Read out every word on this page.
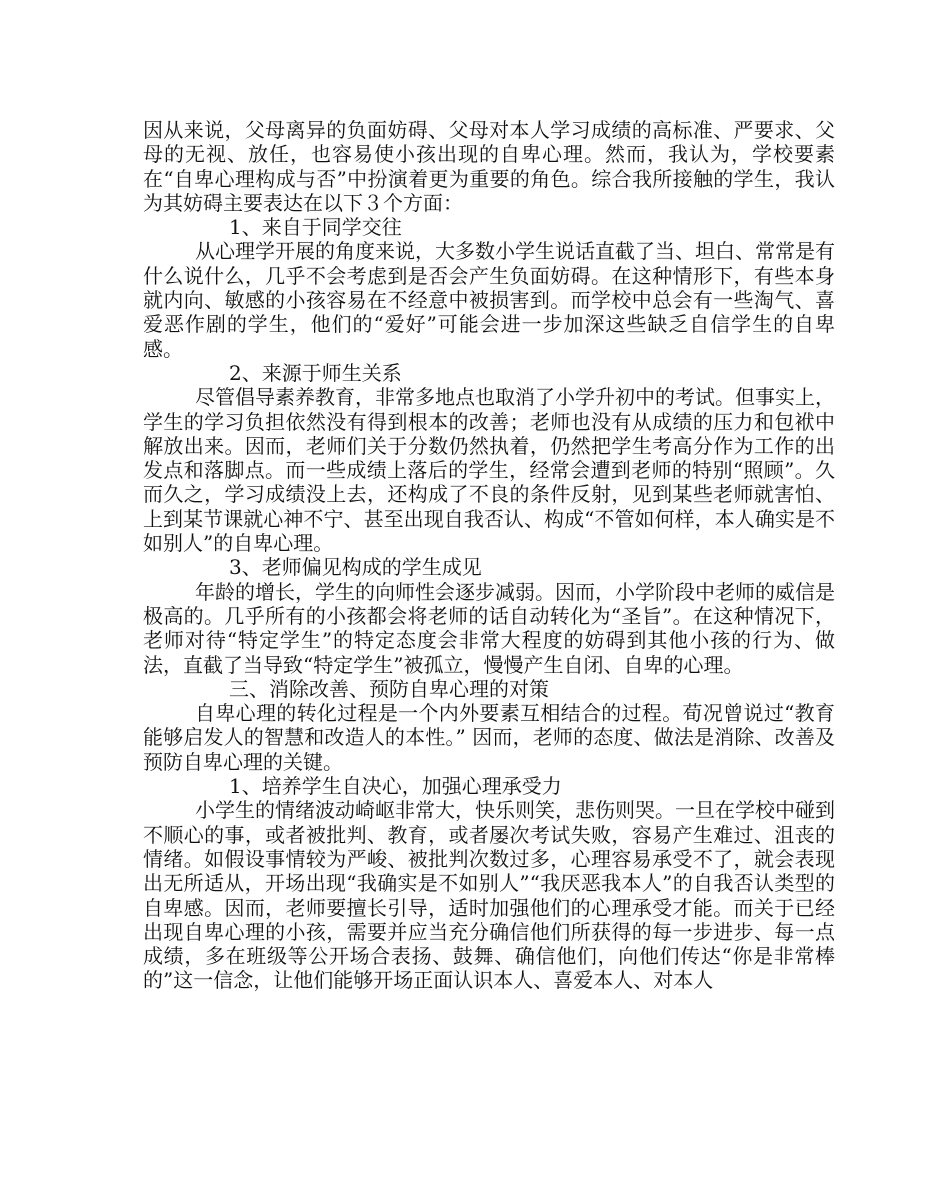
因从来说，父母离异的负面妨碍、父母对本人学习成绩的高标准、严要求、父母的无视、放任，也容易使小孩出现的自卑心理。然而，我认为，学校要素在“自卑心理构成与否”中扮演着更为重要的角色。综合我所接触的学生，我认为其妨碍主要表达在以下３个方面：

1、来自于同学交往

从心理学开展的角度来说，大多数小学生说话直截了当、坦白、常常是有什么说什么，几乎不会考虑到是否会产生负面妨碍。在这种情形下，有些本身就内向、敏感的小孩容易在不经意中被损害到。而学校中总会有一些淘气、喜爱恶作剧的学生，他们的“爱好”可能会进一步加深这些缺乏自信学生的自卑感。

2、来源于师生关系

尽管倡导素养教育，非常多地点也取消了小学升初中的考试。但事实上，学生的学习负担依然没有得到根本的改善；老师也没有从成绩的压力和包袱中解放出来。因而，老师们关于分数仍然执着，仍然把学生考高分作为工作的出发点和落脚点。而一些成绩上落后的学生，经常会遭到老师的特别“照顾”。久而久之，学习成绩没上去，还构成了不良的条件反射，见到某些老师就害怕、上到某节课就心神不宁、甚至出现自我否认、构成“不管如何样，本人确实是不如别人”的自卑心理。

3、老师偏见构成的学生成见

年龄的增长，学生的向师性会逐步减弱。因而，小学阶段中老师的威信是极高的。几乎所有的小孩都会将老师的话自动转化为“圣旨”。在这种情况下，老师对待“特定学生”的特定态度会非常大程度的妨碍到其他小孩的行为、做法，直截了当导致“特定学生”被孤立，慢慢产生自闭、自卑的心理。

三、消除改善、预防自卑心理的对策

自卑心理的转化过程是一个内外要素互相结合的过程。荀况曾说过“教育能够启发人的智慧和改造人的本性。” 因而，老师的态度、做法是消除、改善及预防自卑心理的关键。

1、培养学生自决心，加强心理承受力

小学生的情绪波动崎岖非常大，快乐则笑，悲伤则哭。一旦在学校中碰到不顺心的事，或者被批判、教育，或者屡次考试失败，容易产生难过、沮丧的情绪。如假设事情较为严峻、被批判次数过多，心理容易承受不了，就会表现出无所适从，开场出现“我确实是不如别人”“我厌恶我本人”的自我否认类型的自卑感。因而，老师要擅长引导，适时加强他们的心理承受才能。而关于已经出现自卑心理的小孩，需要并应当充分确信他们所获得的每一步进步、每一点成绩，多在班级等公开场合表扬、鼓舞、确信他们，向他们传达“你是非常棒的”这一信念，让他们能够开场正面认识本人、喜爱本人、对本人
